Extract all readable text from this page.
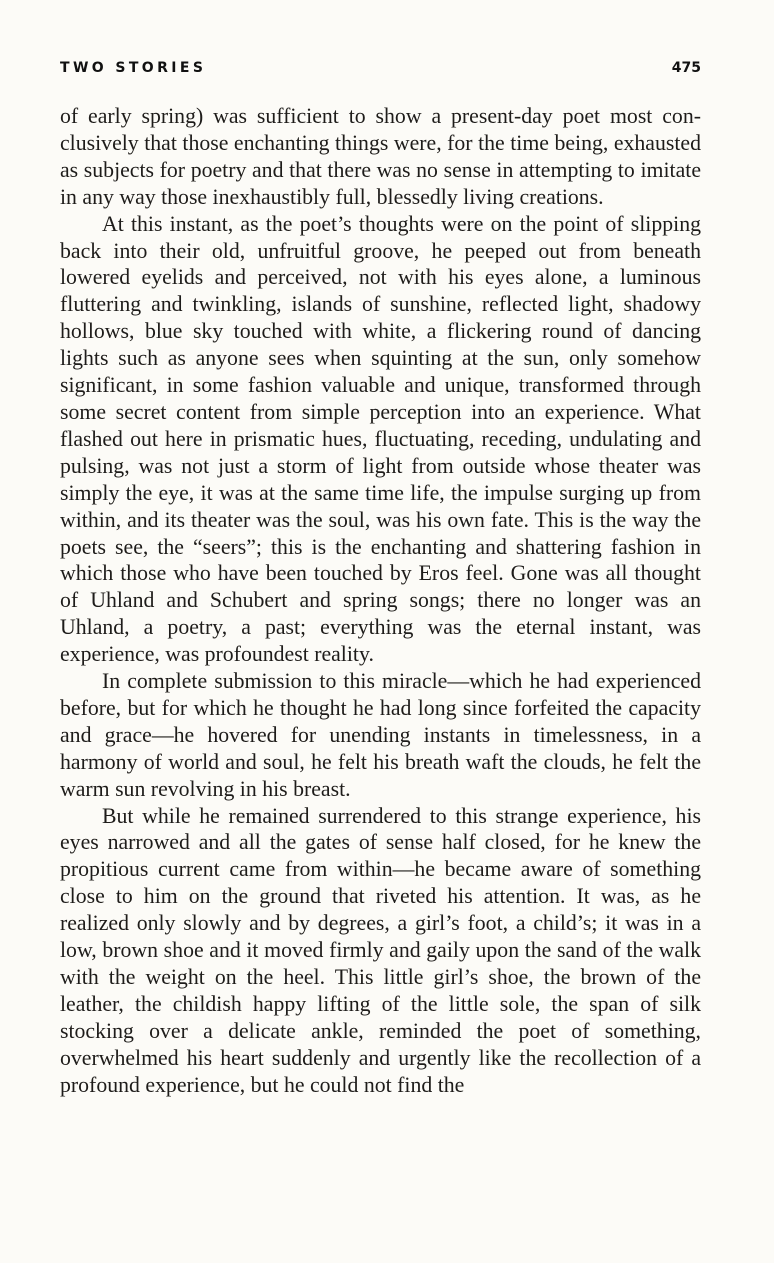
TWO STORIES	475

of early spring) was sufficient to show a present-day poet most conclusively that those enchanting things were, for the time being, exhausted as subjects for poetry and that there was no sense in attempting to imitate in any way those inexhaustibly full, blessedly living creations.

At this instant, as the poet’s thoughts were on the point of slipping back into their old, unfruitful groove, he peeped out from beneath lowered eyelids and perceived, not with his eyes alone, a luminous fluttering and twinkling, islands of sunshine, reflected light, shadowy hollows, blue sky touched with white, a flickering round of dancing lights such as anyone sees when squinting at the sun, only somehow significant, in some fashion valuable and unique, transformed through some secret content from simple perception into an experience. What flashed out here in prismatic hues, fluctuating, receding, undulating and pulsing, was not just a storm of light from outside whose theater was simply the eye, it was at the same time life, the impulse surging up from within, and its theater was the soul, was his own fate. This is the way the poets see, the “seers”; this is the enchanting and shattering fashion in which those who have been touched by Eros feel. Gone was all thought of Uhland and Schubert and spring songs; there no longer was an Uhland, a poetry, a past; everything was the eternal instant, was experience, was profoundest reality.

In complete submission to this miracle—which he had experienced before, but for which he thought he had long since forfeited the capacity and grace—he hovered for unending instants in timelessness, in a harmony of world and soul, he felt his breath waft the clouds, he felt the warm sun revolving in his breast.

But while he remained surrendered to this strange experience, his eyes narrowed and all the gates of sense half closed, for he knew the propitious current came from within—he became aware of something close to him on the ground that riveted his attention. It was, as he realized only slowly and by degrees, a girl’s foot, a child’s; it was in a low, brown shoe and it moved firmly and gaily upon the sand of the walk with the weight on the heel. This little girl’s shoe, the brown of the leather, the childish happy lifting of the little sole, the span of silk stocking over a delicate ankle, reminded the poet of something, overwhelmed his heart suddenly and urgently like the recollection of a profound experience, but he could not find the
